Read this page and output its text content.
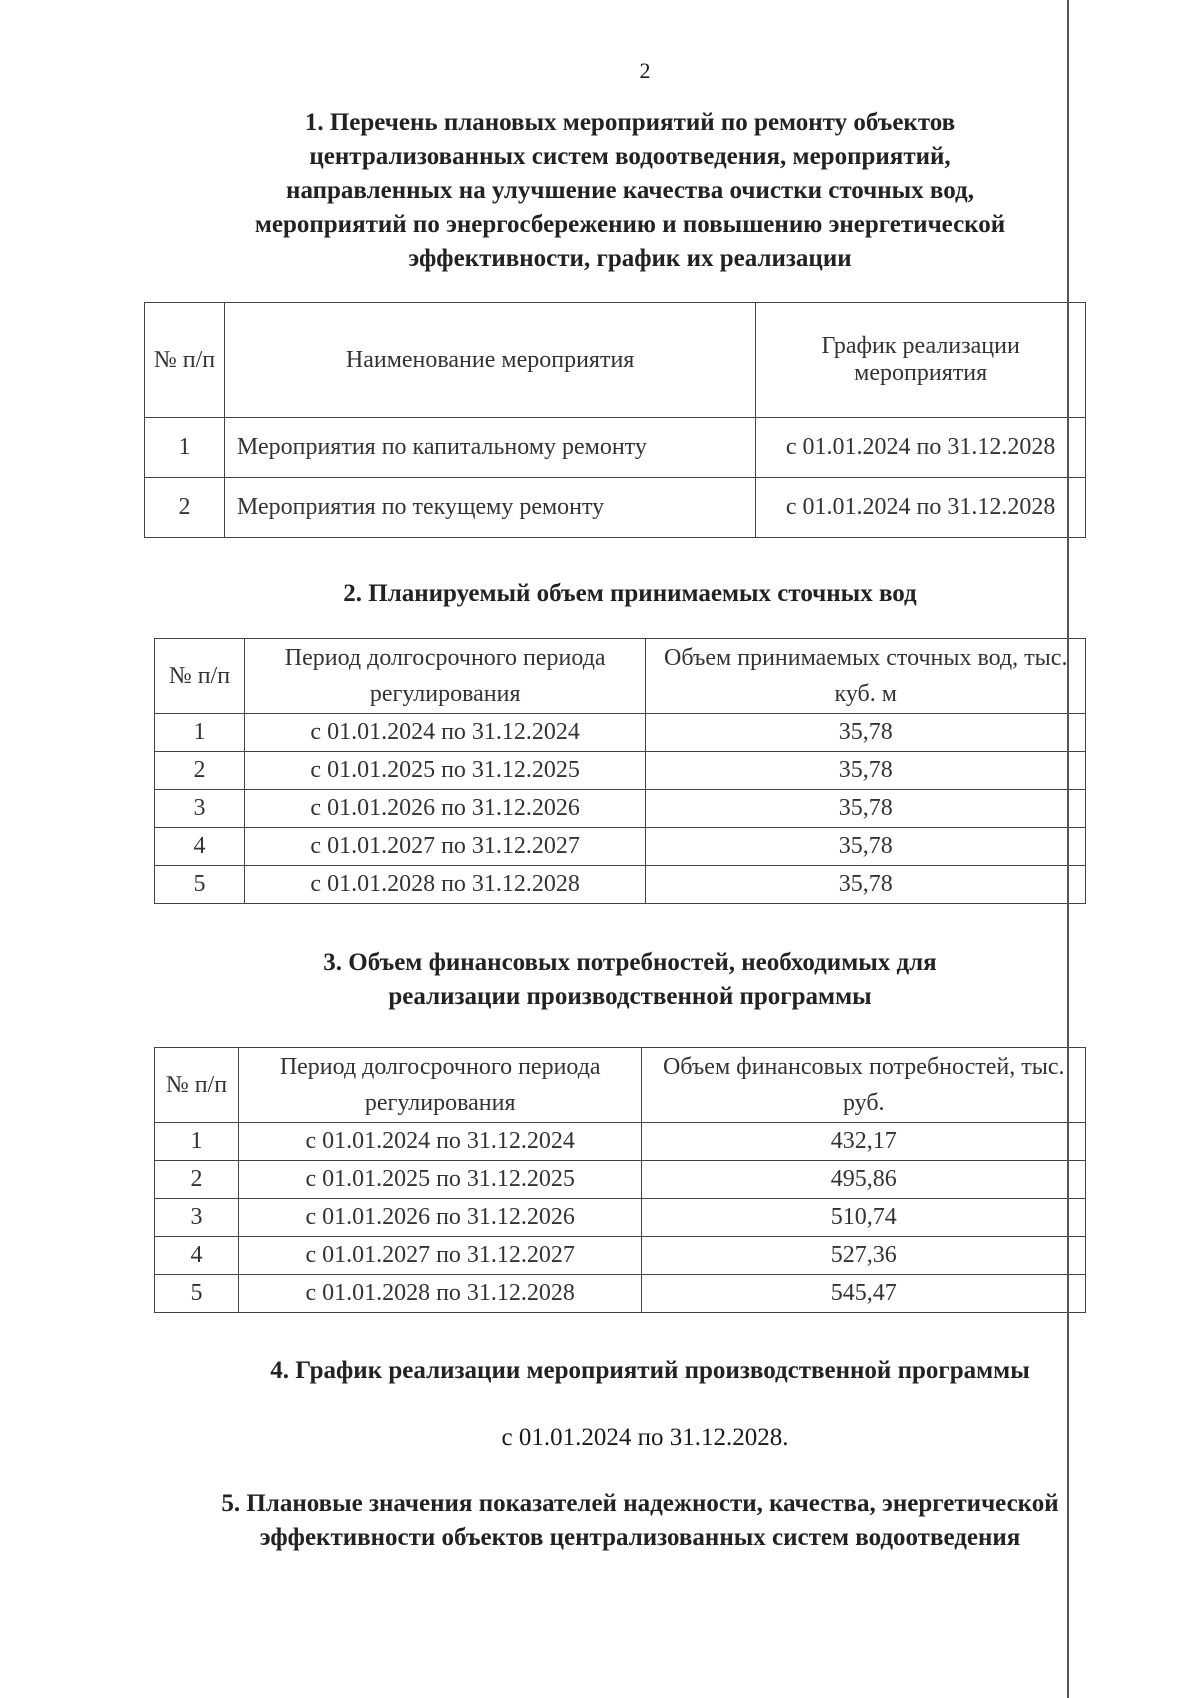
2
1. Перечень плановых мероприятий по ремонту объектов
централизованных систем водоотведения, мероприятий,
направленных на улучшение качества очистки сточных вод,
мероприятий по энергосбережению и повышению энергетической
эффективности, график их реализации
№ п/п	Наименование мероприятия	График реализации мероприятия
1	Мероприятия по капитальному ремонту	с 01.01.2024 по 31.12.2028
2	Мероприятия по текущему ремонту	с 01.01.2024 по 31.12.2028
2. Планируемый объем принимаемых сточных вод
№ п/п	Период долгосрочного периода регулирования	Объем принимаемых сточных вод, тыс. куб. м
1	с 01.01.2024 по 31.12.2024	35,78
2	с 01.01.2025 по 31.12.2025	35,78
3	с 01.01.2026 по 31.12.2026	35,78
4	с 01.01.2027 по 31.12.2027	35,78
5	с 01.01.2028 по 31.12.2028	35,78
3. Объем финансовых потребностей, необходимых для
реализации производственной программы
№ п/п	Период долгосрочного периода регулирования	Объем финансовых потребностей, тыс. руб.
1	с 01.01.2024 по 31.12.2024	432,17
2	с 01.01.2025 по 31.12.2025	495,86
3	с 01.01.2026 по 31.12.2026	510,74
4	с 01.01.2027 по 31.12.2027	527,36
5	с 01.01.2028 по 31.12.2028	545,47
4. График реализации мероприятий производственной программы
с 01.01.2024 по 31.12.2028.
5. Плановые значения показателей надежности, качества, энергетической
эффективности объектов централизованных систем водоотведения
